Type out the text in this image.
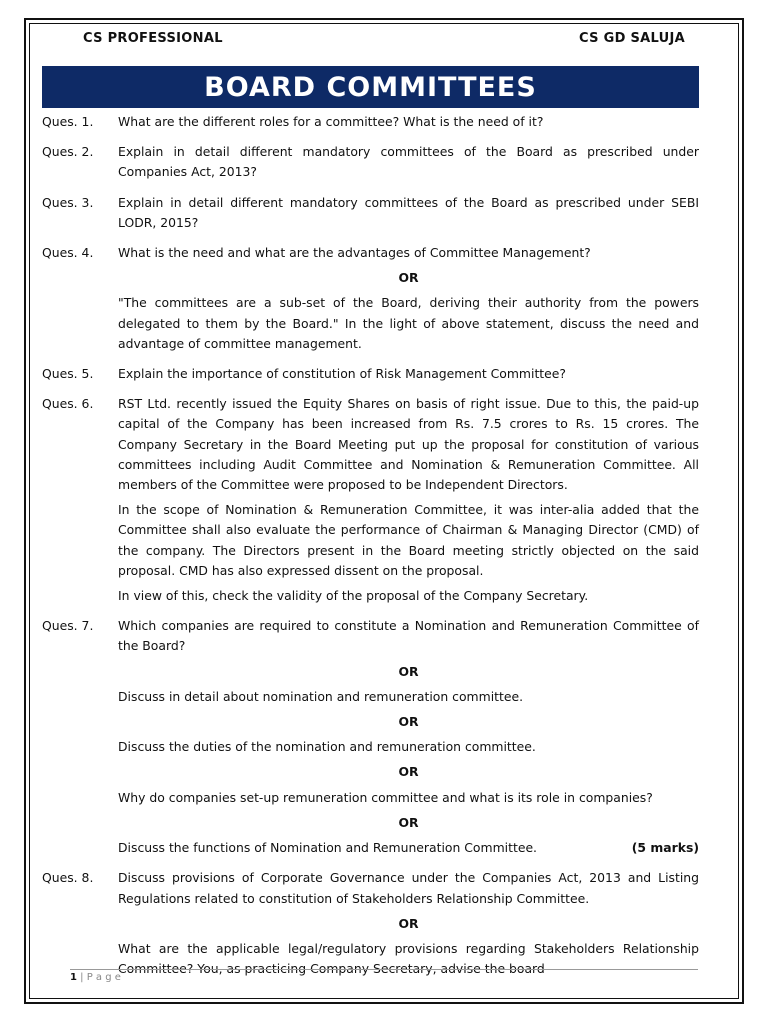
CS PROFESSIONAL	CS GD SALUJA
BOARD COMMITTEES
Ques. 1.	What are the different roles for a committee? What is the need of it?

Ques. 2.	Explain in detail different mandatory committees of the Board as prescribed under Companies Act, 2013?

Ques. 3.	Explain in detail different mandatory committees of the Board as prescribed under SEBI LODR, 2015?

Ques. 4.	What is the need and what are the advantages of Committee Management?

OR

"The committees are a sub-set of the Board, deriving their authority from the powers delegated to them by the Board." In the light of above statement, discuss the need and advantage of committee management.

Ques. 5.	Explain the importance of constitution of Risk Management Committee?

Ques. 6.	RST Ltd. recently issued the Equity Shares on basis of right issue. Due to this, the paid-up capital of the Company has been increased from Rs. 7.5 crores to Rs. 15 crores. The Company Secretary in the Board Meeting put up the proposal for constitution of various committees including Audit Committee and Nomination & Remuneration Committee. All members of the Committee were proposed to be Independent Directors.

In the scope of Nomination & Remuneration Committee, it was inter-alia added that the Committee shall also evaluate the performance of Chairman & Managing Director (CMD) of the company. The Directors present in the Board meeting strictly objected on the said proposal. CMD has also expressed dissent on the proposal.

In view of this, check the validity of the proposal of the Company Secretary.

Ques. 7.	Which companies are required to constitute a Nomination and Remuneration Committee of the Board?

OR

Discuss in detail about nomination and remuneration committee.

OR

Discuss the duties of the nomination and remuneration committee.

OR

Why do companies set-up remuneration committee and what is its role in companies?

OR

Discuss the functions of Nomination and Remuneration Committee.	(5 marks)

Ques. 8.	Discuss provisions of Corporate Governance under the Companies Act, 2013 and Listing Regulations related to constitution of Stakeholders Relationship Committee.

OR

What are the applicable legal/regulatory provisions regarding Stakeholders Relationship Committee? You, as practicing Company Secretary, advise the board

1 | P a g e
